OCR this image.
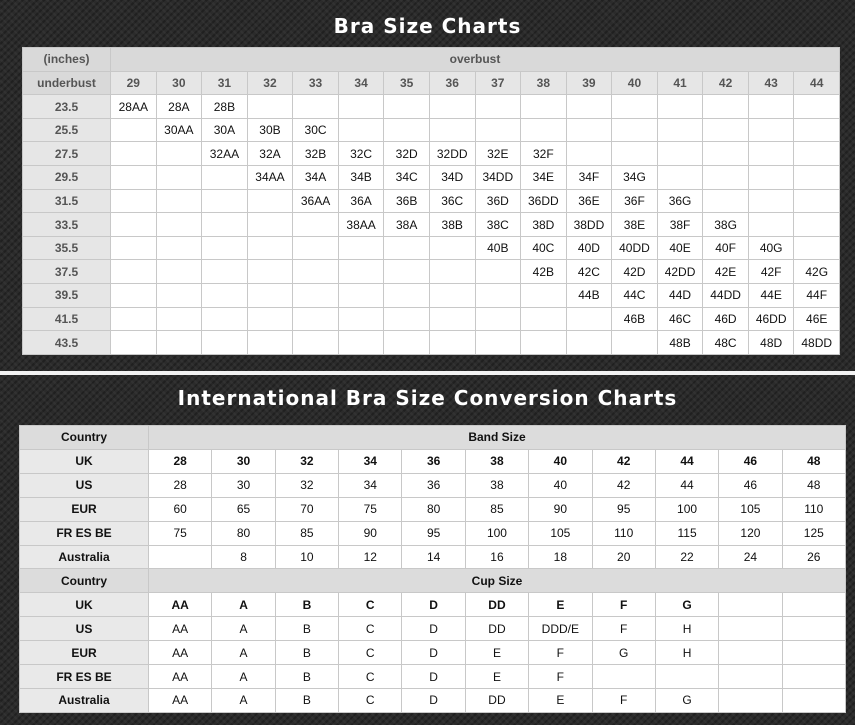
Bra Size Charts
(inches)	overbust															
underbust	29	30	31	32	33	34	35	36	37	38	39	40	41	42	43	44
23.5	28AA	28A	28B													
25.5		30AA	30A	30B	30C											
27.5			32AA	32A	32B	32C	32D	32DD	32E	32F						
29.5				34AA	34A	34B	34C	34D	34DD	34E	34F	34G				
31.5					36AA	36A	36B	36C	36D	36DD	36E	36F	36G			
33.5						38AA	38A	38B	38C	38D	38DD	38E	38F	38G		
35.5									40B	40C	40D	40DD	40E	40F	40G	
37.5										42B	42C	42D	42DD	42E	42F	42G
39.5											44B	44C	44D	44DD	44E	44F
41.5												46B	46C	46D	46DD	46E
43.5													48B	48C	48D	48DD
International Bra Size Conversion Charts
Country	Band Size										
UK	28	30	32	34	36	38	40	42	44	46	48
US	28	30	32	34	36	38	40	42	44	46	48
EUR	60	65	70	75	80	85	90	95	100	105	110
FR ES BE	75	80	85	90	95	100	105	110	115	120	125
Australia		8	10	12	14	16	18	20	22	24	26
Country	Cup Size										
UK	AA	A	B	C	D	DD	E	F	G		
US	AA	A	B	C	D	DD	DDD/E	F	H		
EUR	AA	A	B	C	D	E	F	G	H		
FR ES BE	AA	A	B	C	D	E	F				
Australia	AA	A	B	C	D	DD	E	F	G		
